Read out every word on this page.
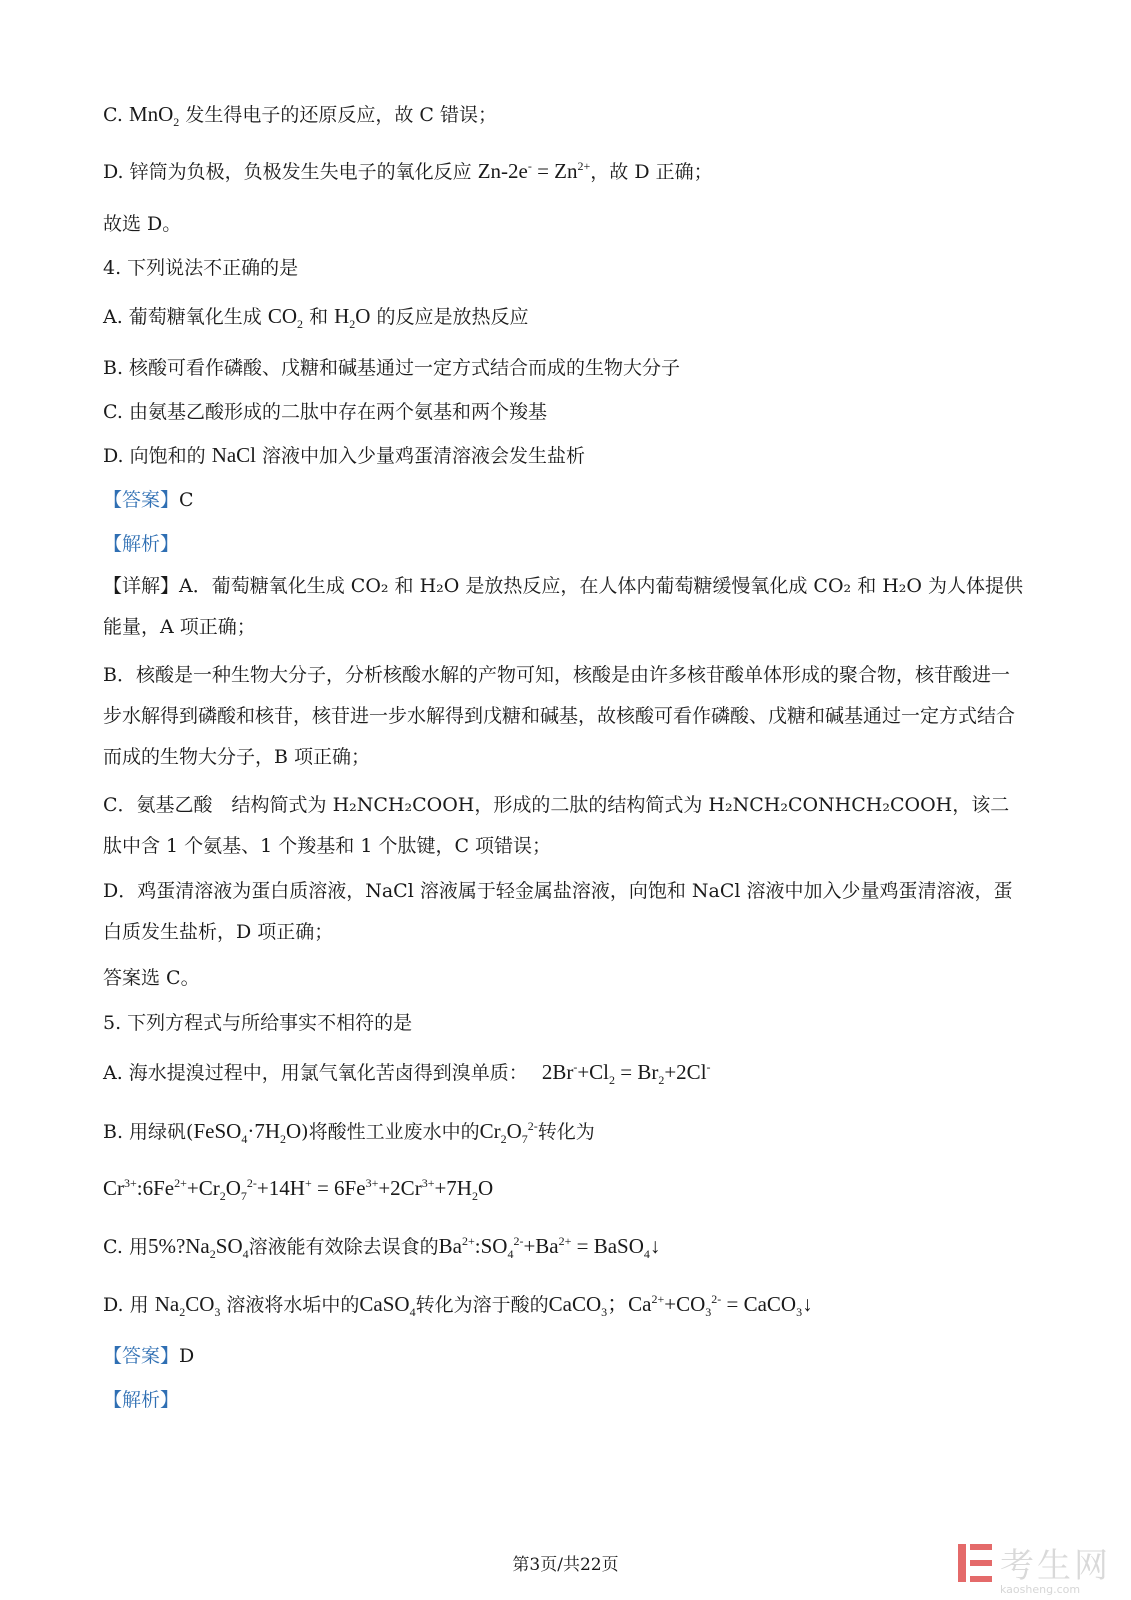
C. MnO$_2$ 发生得电子的还原反应，故 C 错误；
D. 锌筒为负极，负极发生失电子的氧化反应 $Zn-2e^- = Zn^{2+}$，故 D 正确；
故选 D。
4. 下列说法不正确的是
A. 葡萄糖氧化生成 $CO_2$ 和 $H_2O$ 的反应是放热反应
B. 核酸可看作磷酸、戊糖和碱基通过一定方式结合而成的生物大分子
C. 由氨基乙酸形成的二肽中存在两个氨基和两个羧基
D. 向饱和的 NaCl 溶液中加入少量鸡蛋清溶液会发生盐析
【答案】C
【解析】
【详解】A．葡萄糖氧化生成 CO₂ 和 H₂O 是放热反应，在人体内葡萄糖缓慢氧化成 CO₂ 和 H₂O 为人体提供能量，A 项正确；
B．核酸是一种生物大分子，分析核酸水解的产物可知，核酸是由许多核苷酸单体形成的聚合物，核苷酸进一步水解得到磷酸和核苷，核苷进一步水解得到戊糖和碱基，故核酸可看作磷酸、戊糖和碱基通过一定方式结合而成的生物大分子，B 项正确；
C．氨基乙酸　结构简式为 H₂NCH₂COOH，形成的二肽的结构简式为 H₂NCH₂CONHCH₂COOH，该二肽中含 1 个氨基、1 个羧基和 1 个肽键，C 项错误；
D．鸡蛋清溶液为蛋白质溶液，NaCl 溶液属于轻金属盐溶液，向饱和 NaCl 溶液中加入少量鸡蛋清溶液，蛋白质发生盐析，D 项正确；
答案选 C。
5. 下列方程式与所给事实不相符的是
A. 海水提溴过程中，用氯气氧化苦卤得到溴单质： $2Br^-+Cl_2 = Br_2+2Cl^-$
B. 用绿矾$(FeSO_4\cdot 7H_2O)$将酸性工业废水中的$Cr_2O_7^{2-}$转化为
$Cr^{3+}:6Fe^{2+}+Cr_2O_7^{2-}+14H^+ = 6Fe^{3+}+2Cr^{3+}+7H_2O$
C. 用$5\%?Na_2SO_4$溶液能有效除去误食的$Ba^{2+}:SO_4^{2-}+Ba^{2+}$ = BaSO$_4$↓
D. 用 $Na_2CO_3$ 溶液将水垢中的CaSO$_4$转化为溶于酸的CaCO$_3$；$Ca^{2+}+CO_3^{2-}$ = CaCO$_3$↓
【答案】D
【解析】
第3页/共22页	考生网
kaosheng.com
